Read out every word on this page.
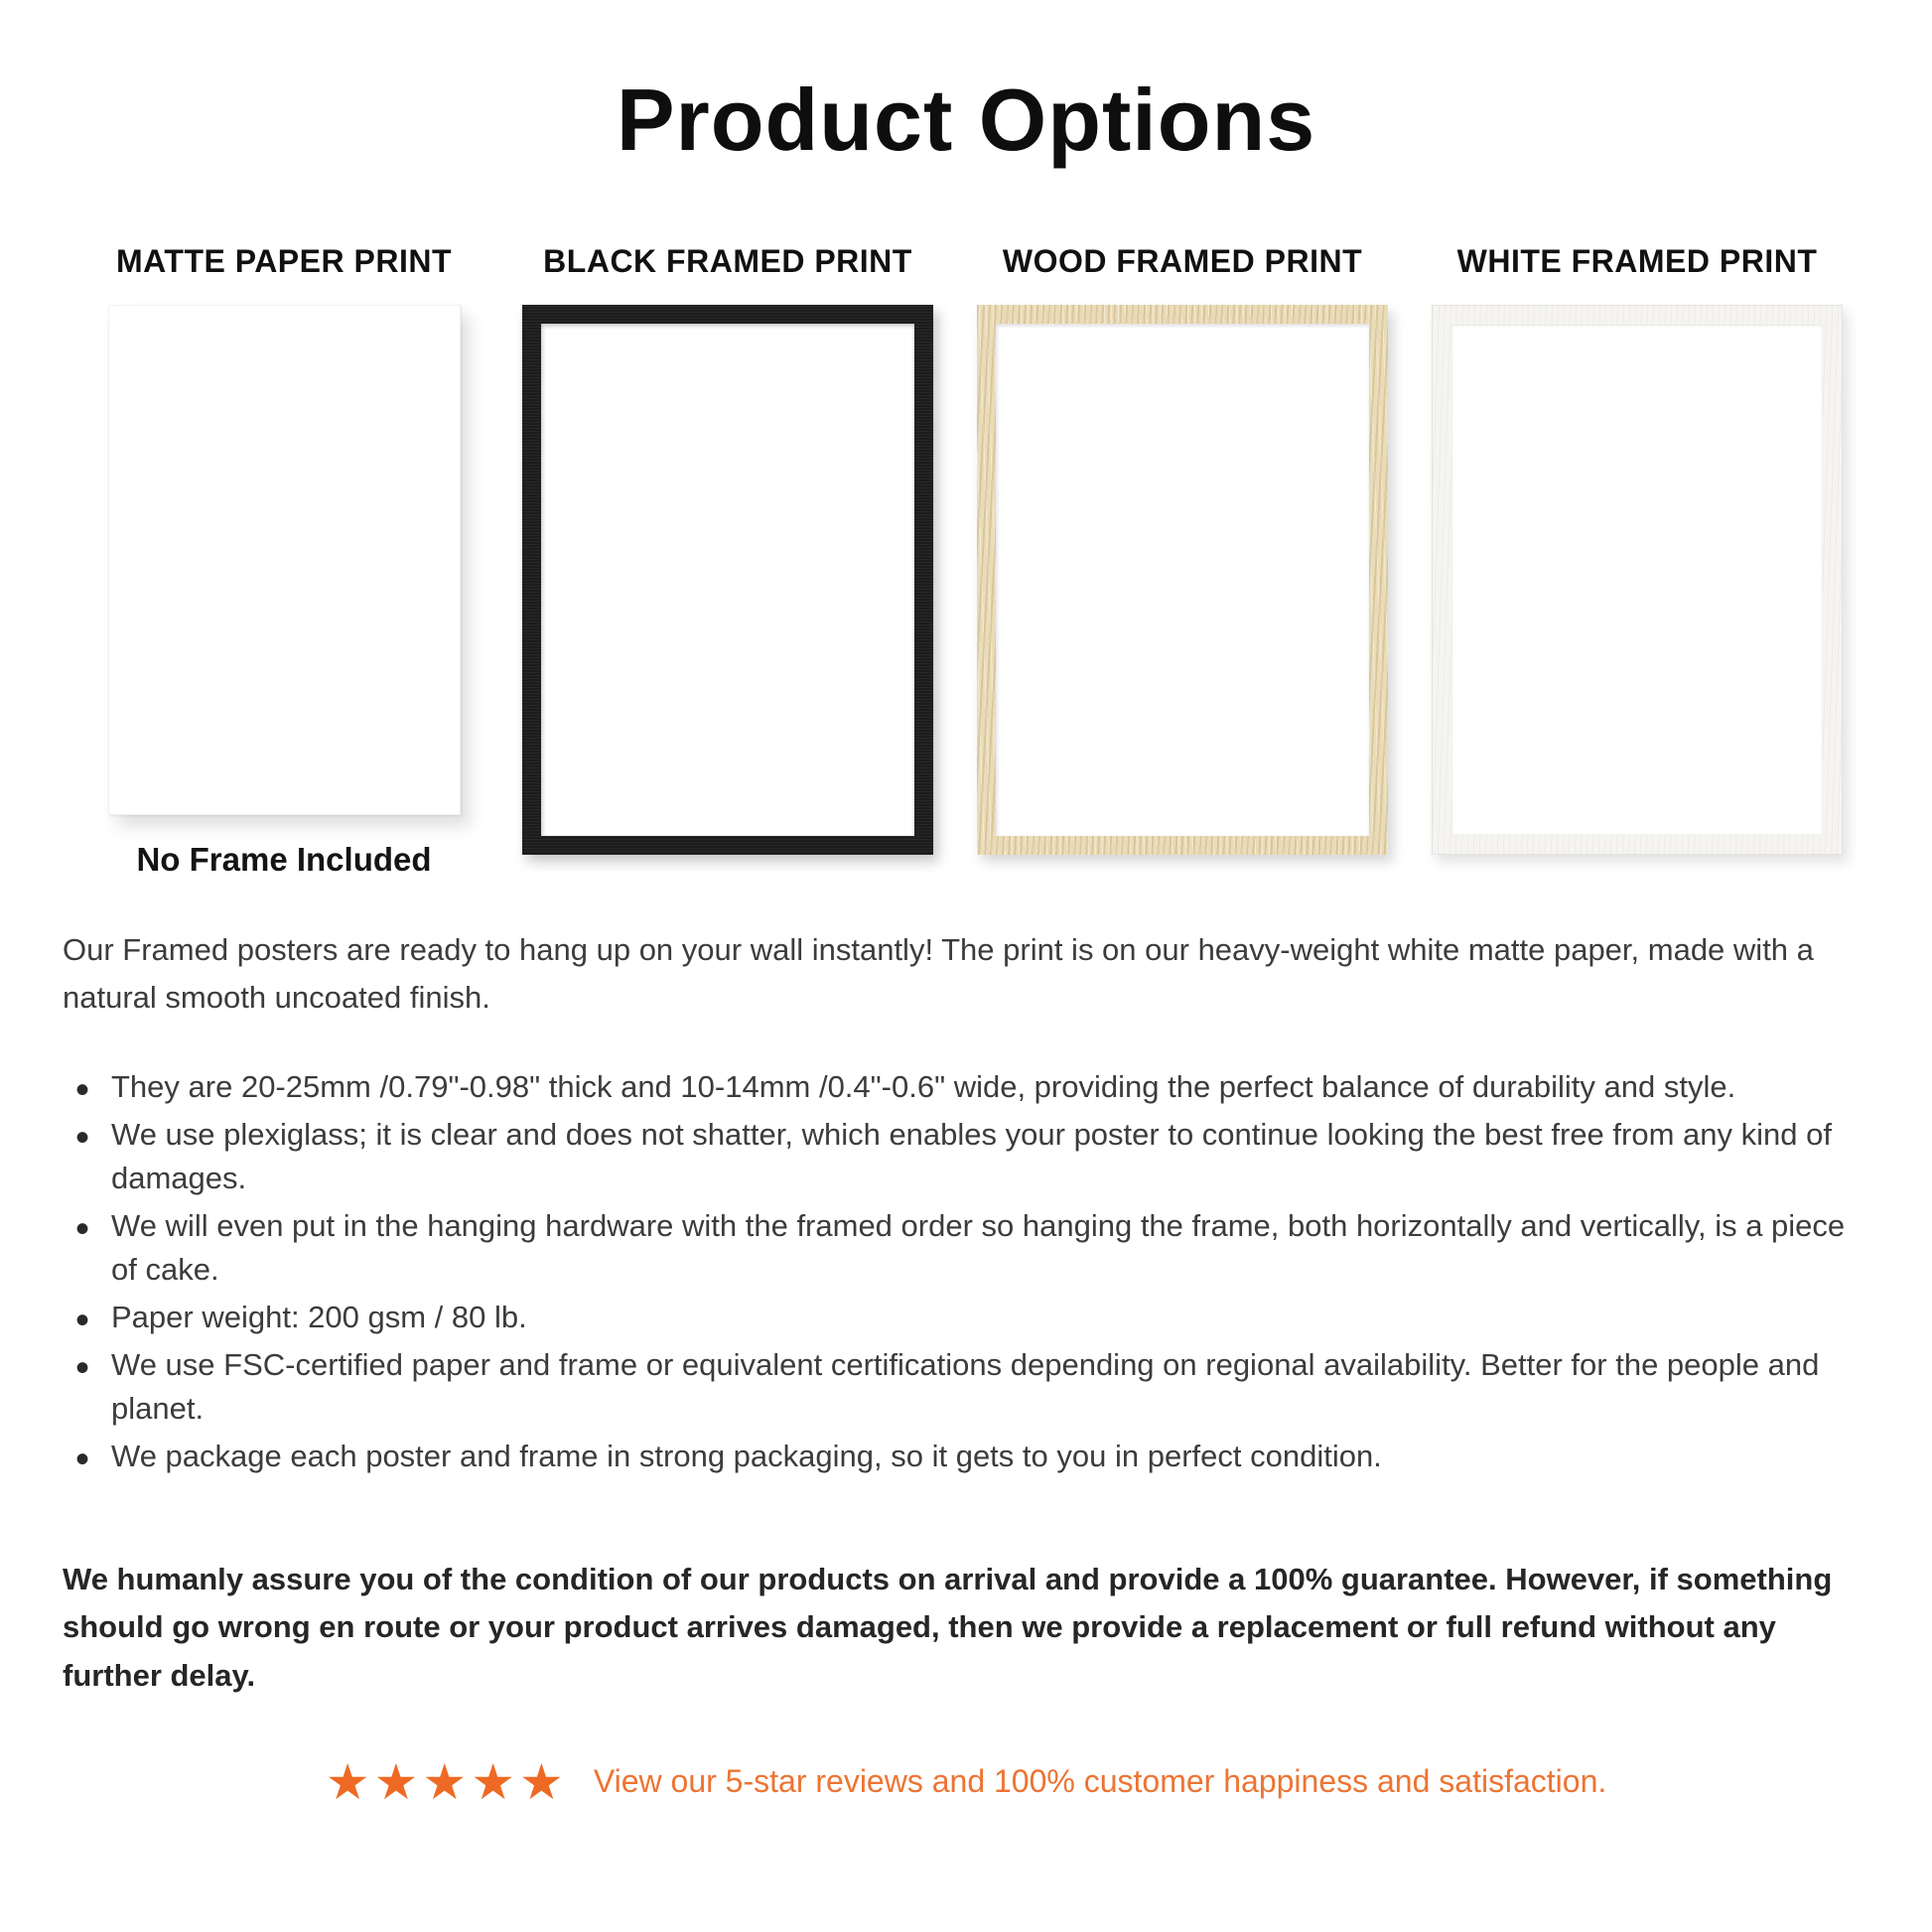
Product Options
MATTE PAPER PRINT
No Frame Included
BLACK FRAMED PRINT	WOOD FRAMED PRINT	WHITE FRAMED PRINT
Our Framed posters are ready to hang up on your wall instantly! The print is on our heavy-weight white matte paper, made with a natural smooth uncoated finish.
• They are 20-25mm /0.79"-0.98" thick and 10-14mm /0.4"-0.6" wide, providing the perfect balance of durability and style.
• We use plexiglass; it is clear and does not shatter, which enables your poster to continue looking the best free from any kind of damages.
• We will even put in the hanging hardware with the framed order so hanging the frame, both horizontally and vertically, is a piece of cake.
• Paper weight: 200 gsm / 80 lb.
• We use FSC-certified paper and frame or equivalent certifications depending on regional availability. Better for the people and planet.
• We package each poster and frame in strong packaging, so it gets to you in perfect condition.
We humanly assure you of the condition of our products on arrival and provide a 100% guarantee. However, if something should go wrong en route or your product arrives damaged, then we provide a replacement or full refund without any further delay.
★★★★★ View our 5-star reviews and 100% customer happiness and satisfaction.
